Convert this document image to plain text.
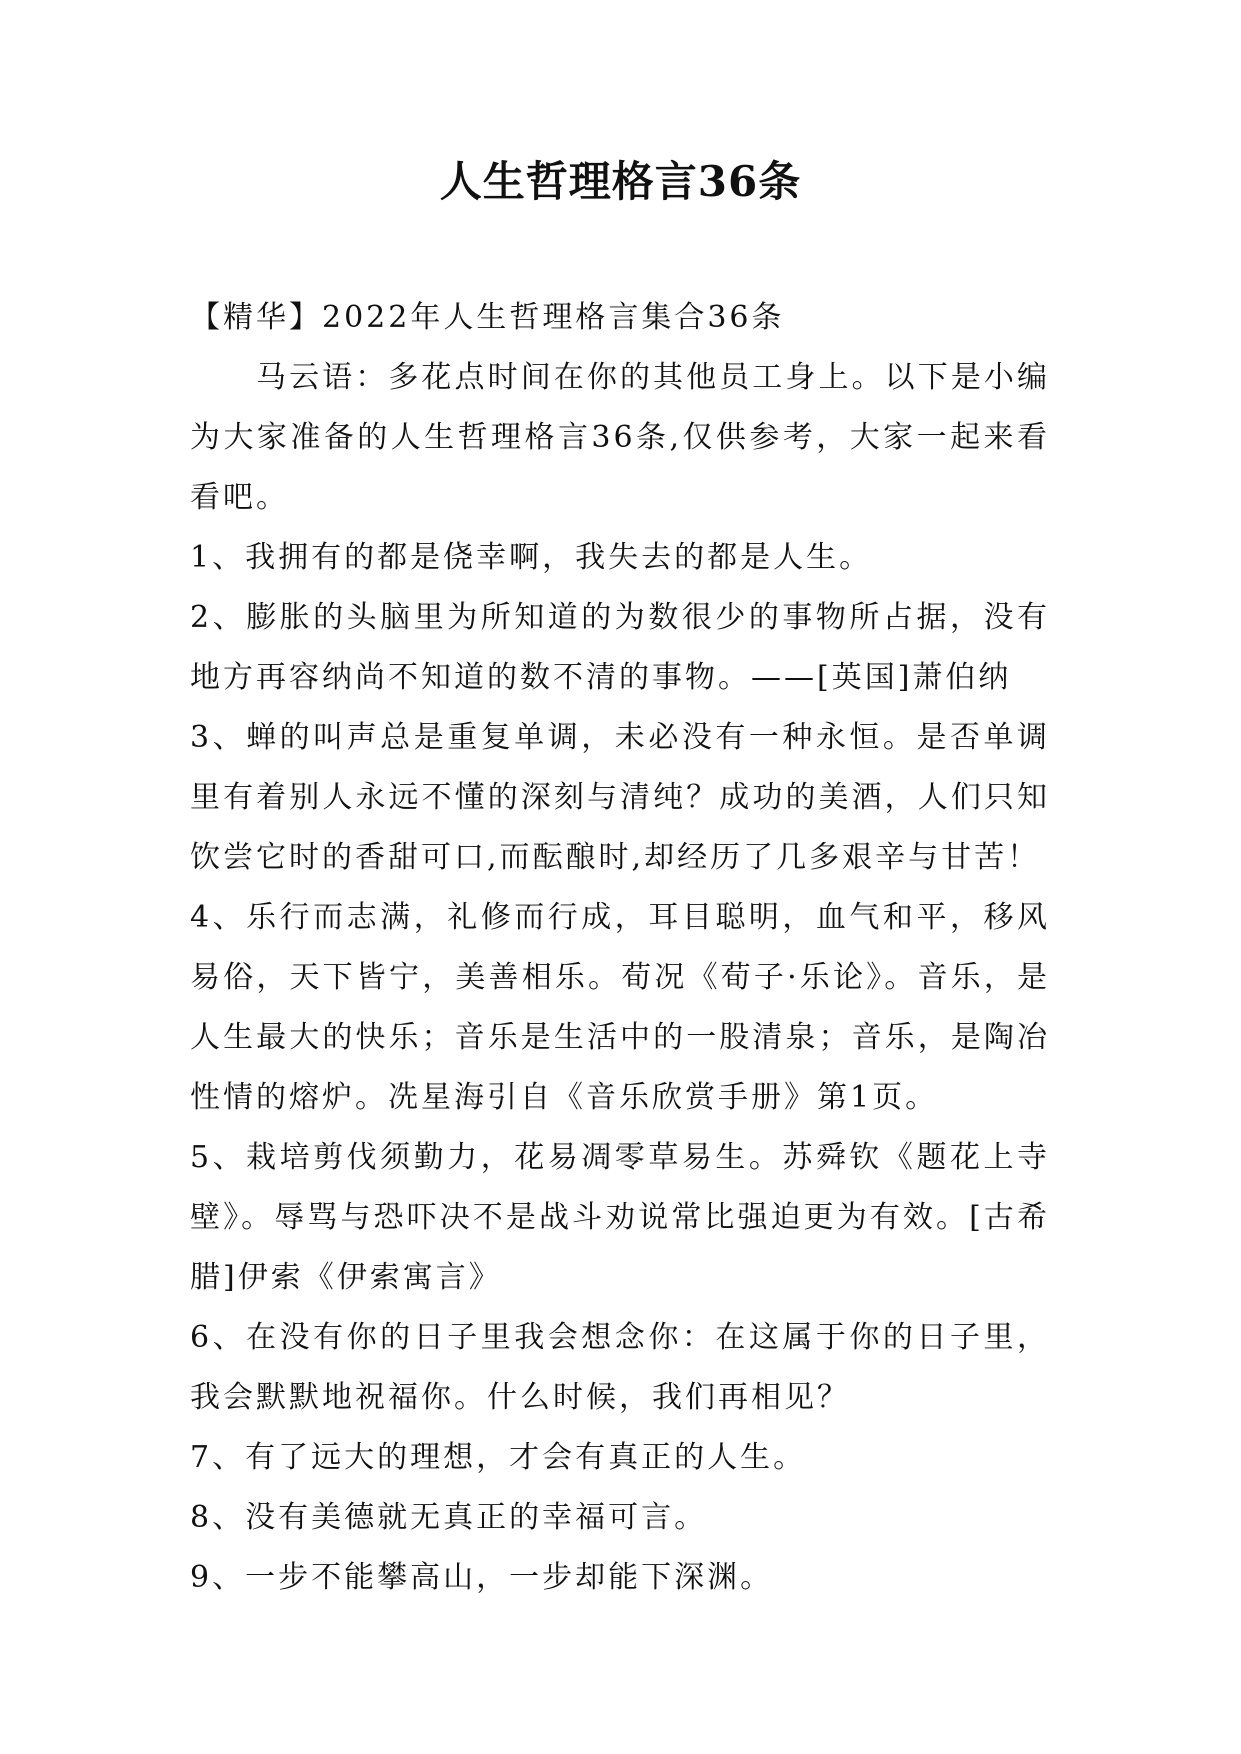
人生哲理格言36条

【精华】2022年人生哲理格言集合36条

马云语：多花点时间在你的其他员工身上。以下是小编为大家准备的人生哲理格言36条,仅供参考，大家一起来看看吧。

1、我拥有的都是侥幸啊，我失去的都是人生。

2、膨胀的头脑里为所知道的为数很少的事物所占据，没有地方再容纳尚不知道的数不清的事物。——[英国]萧伯纳

3、蝉的叫声总是重复单调，未必没有一种永恒。是否单调里有着别人永远不懂的深刻与清纯？成功的美酒，人们只知饮尝它时的香甜可口,而酝酿时,却经历了几多艰辛与甘苦！

4、乐行而志满，礼修而行成，耳目聪明，血气和平，移风易俗，天下皆宁，美善相乐。荀况《荀子·乐论》。音乐，是人生最大的快乐；音乐是生活中的一股清泉；音乐，是陶冶性情的熔炉。冼星海引自《音乐欣赏手册》第1页。

5、栽培剪伐须勤力，花易凋零草易生。苏舜钦《题花上寺壁》。辱骂与恐吓决不是战斗劝说常比强迫更为有效。[古希腊]伊索《伊索寓言》

6、在没有你的日子里我会想念你：在这属于你的日子里，我会默默地祝福你。什么时候，我们再相见？

7、有了远大的理想，才会有真正的人生。

8、没有美德就无真正的幸福可言。

9、一步不能攀高山，一步却能下深渊。
